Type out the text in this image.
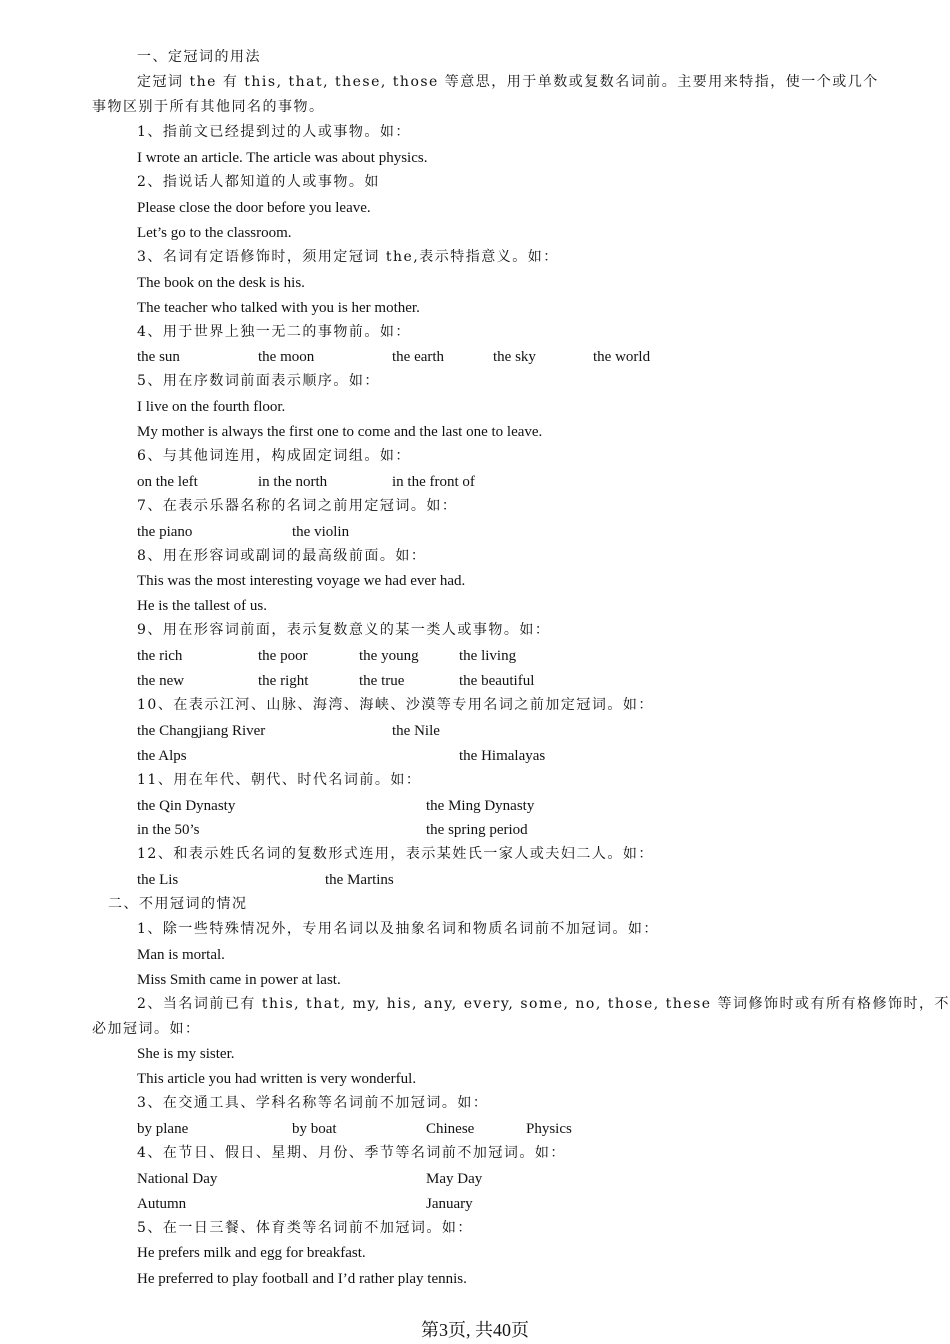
一、定冠词的用法
定冠词 the 有 this, that, these, those 等意思，用于单数或复数名词前。主要用来特指，使一个或几个
事物区别于所有其他同名的事物。
1、指前文已经提到过的人或事物。如：
I wrote an article. The article was about physics.
2、指说话人都知道的人或事物。如
Please close the door before you leave.
Let’s go to the classroom.
3、名词有定语修饰时，须用定冠词 the,表示特指意义。如：
The book on the desk is his.
The teacher who talked with you is her mother.
4、用于世界上独一无二的事物前。如：
the sun	the moon	the earth	the sky	the world
5、用在序数词前面表示顺序。如：
I live on the fourth floor.
My mother is always the first one to come and the last one to leave.
6、与其他词连用，构成固定词组。如：
on the left	in the north	in the front of
7、在表示乐器名称的名词之前用定冠词。如：
the piano	the violin
8、用在形容词或副词的最高级前面。如：
This was the most interesting voyage we had ever had.
He is the tallest of us.
9、用在形容词前面，表示复数意义的某一类人或事物。如：
the rich	the poor	the young	the living
the new	the right	the true	the beautiful
10、在表示江河、山脉、海湾、海峡、沙漠等专用名词之前加定冠词。如：
the Changjiang River	the Nile
the Alps	the Himalayas
11、用在年代、朝代、时代名词前。如：
the Qin Dynasty	the Ming Dynasty
in the 50’s	the spring period
12、和表示姓氏名词的复数形式连用，表示某姓氏一家人或夫妇二人。如：
the Lis	the Martins
二、不用冠词的情况
1、除一些特殊情况外，专用名词以及抽象名词和物质名词前不加冠词。如：
Man is mortal.
Miss Smith came in power at last.
2、当名词前已有 this, that, my, his, any, every, some, no, those, these 等词修饰时或有所有格修饰时，不
必加冠词。如：
She is my sister.
This article you had written is very wonderful.
3、在交通工具、学科名称等名词前不加冠词。如：
by plane	by boat	Chinese	Physics
4、在节日、假日、星期、月份、季节等名词前不加冠词。如：
National Day	May Day
Autumn	January
5、在一日三餐、体育类等名词前不加冠词。如：
He prefers milk and egg for breakfast.
He preferred to play football and I’d rather play tennis.
第3页, 共40页
